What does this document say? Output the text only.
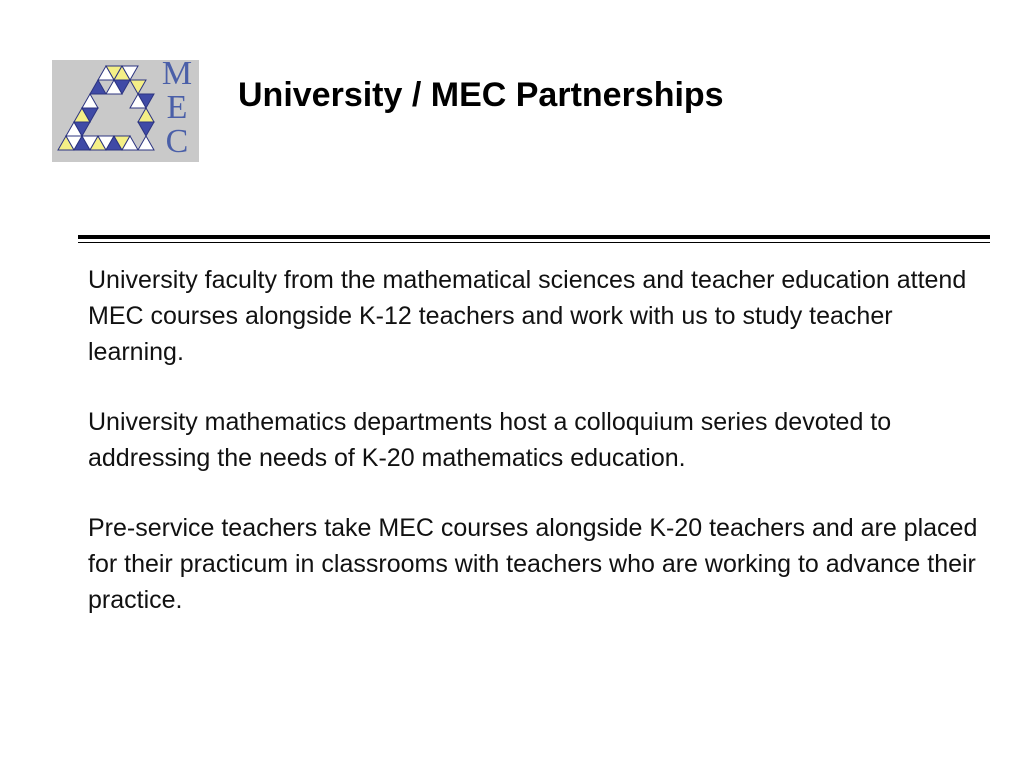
M
E
C
University / MEC Partnerships

University faculty from the mathematical sciences and teacher education attend MEC courses alongside K-12 teachers and work with us to study teacher learning.

University mathematics departments host a colloquium series devoted to addressing the needs of K-20 mathematics education.

Pre-service teachers take MEC courses alongside K-20 teachers and are placed for their practicum in classrooms with teachers who are working to advance their practice.
